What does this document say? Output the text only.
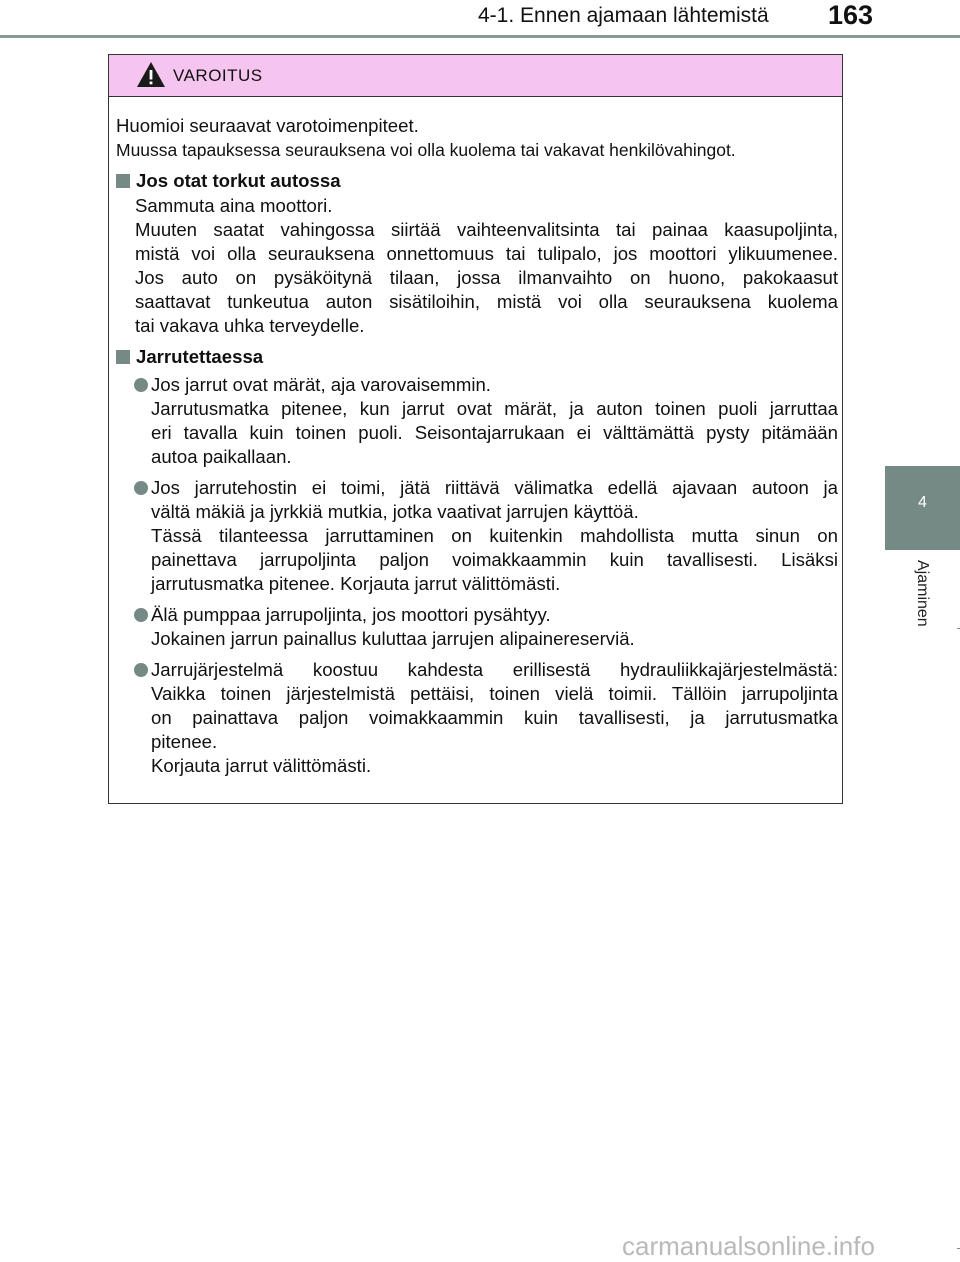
4-1. Ennen ajamaan lähtemistä 163
4
Ajaminen
VAROITUS

Huomioi seuraavat varotoimenpiteet.

Muussa tapauksessa seurauksena voi olla kuolema tai vakavat henkilövahingot.

Jos otat torkut autossa
Sammuta aina moottori.
Muuten saatat vahingossa siirtää vaihteenvalitsinta tai painaa kaasupoljinta,
mistä voi olla seurauksena onnettomuus tai tulipalo, jos moottori ylikuumenee.
Jos auto on pysäköitynä tilaan, jossa ilmanvaihto on huono, pakokaasut
saattavat tunkeutua auton sisätiloihin, mistä voi olla seurauksena kuolema
tai vakava uhka terveydelle.
Jarrutettaessa
Jos jarrut ovat märät, aja varovaisemmin.
Jarrutusmatka pitenee, kun jarrut ovat märät, ja auton toinen puoli jarruttaa
eri tavalla kuin toinen puoli. Seisontajarrukaan ei välttämättä pysty pitämään
autoa paikallaan.
Jos jarrutehostin ei toimi, jätä riittävä välimatka edellä ajavaan autoon ja
vältä mäkiä ja jyrkkiä mutkia, jotka vaativat jarrujen käyttöä.
Tässä tilanteessa jarruttaminen on kuitenkin mahdollista mutta sinun on
painettava jarrupoljinta paljon voimakkaammin kuin tavallisesti. Lisäksi
jarrutusmatka pitenee. Korjauta jarrut välittömästi.
Älä pumppaa jarrupoljinta, jos moottori pysähtyy.
Jokainen jarrun painallus kuluttaa jarrujen alipainereserviä.
Jarrujärjestelmä koostuu kahdesta erillisestä hydrauliikkajärjestelmästä:
Vaikka toinen järjestelmistä pettäisi, toinen vielä toimii. Tällöin jarrupoljinta
on painattava paljon voimakkaammin kuin tavallisesti, ja jarrutusmatka
pitenee.
Korjauta jarrut välittömästi.
carmanualsonline.info
